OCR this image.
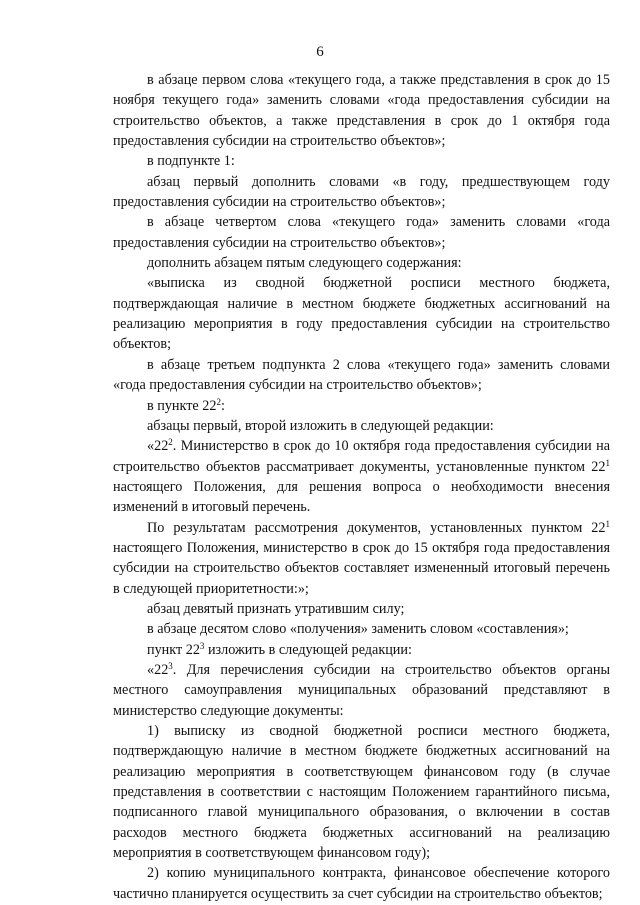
6

в абзаце первом слова «текущего года, а также представления в срок до 15 ноября текущего года» заменить словами «года предоставления субсидии на строительство объектов, а также представления в срок до 1 октября года предоставления субсидии на строительство объектов»;

в подпункте 1:

абзац первый дополнить словами «в году, предшествующем году предоставления субсидии на строительство объектов»;

в абзаце четвертом слова «текущего года» заменить словами «года предоставления субсидии на строительство объектов»;

дополнить абзацем пятым следующего содержания:

«выписка из сводной бюджетной росписи местного бюджета, подтверждающая наличие в местном бюджете бюджетных ассигнований на реализацию мероприятия в году предоставления субсидии на строительство объектов;

в абзаце третьем подпункта 2 слова «текущего года» заменить словами «года предоставления субсидии на строительство объектов»;

в пункте $22^2$:

абзацы первый, второй изложить в следующей редакции:

«$22^2$. Министерство в срок до 10 октября года предоставления субсидии на строительство объектов рассматривает документы, установленные пунктом $22^1$ настоящего Положения, для решения вопроса о необходимости внесения изменений в итоговый перечень.

По результатам рассмотрения документов, установленных пунктом $22^1$ настоящего Положения, министерство в срок до 15 октября года предоставления субсидии на строительство объектов составляет измененный итоговый перечень в следующей приоритетности:»;

абзац девятый признать утратившим силу;

в абзаце десятом слово «получения» заменить словом «составления»;

пункт $22^3$ изложить в следующей редакции:

«$22^3$. Для перечисления субсидии на строительство объектов органы местного самоуправления муниципальных образований представляют в министерство следующие документы:

1) выписку из сводной бюджетной росписи местного бюджета, подтверждающую наличие в местном бюджете бюджетных ассигнований на реализацию мероприятия в соответствующем финансовом году (в случае представления в соответствии с настоящим Положением гарантийного письма, подписанного главой муниципального образования, о включении в состав расходов местного бюджета бюджетных ассигнований на реализацию мероприятия в соответствующем финансовом году);

2) копию муниципального контракта, финансовое обеспечение которого частично планируется осуществить за счет субсидии на строительство объектов;
